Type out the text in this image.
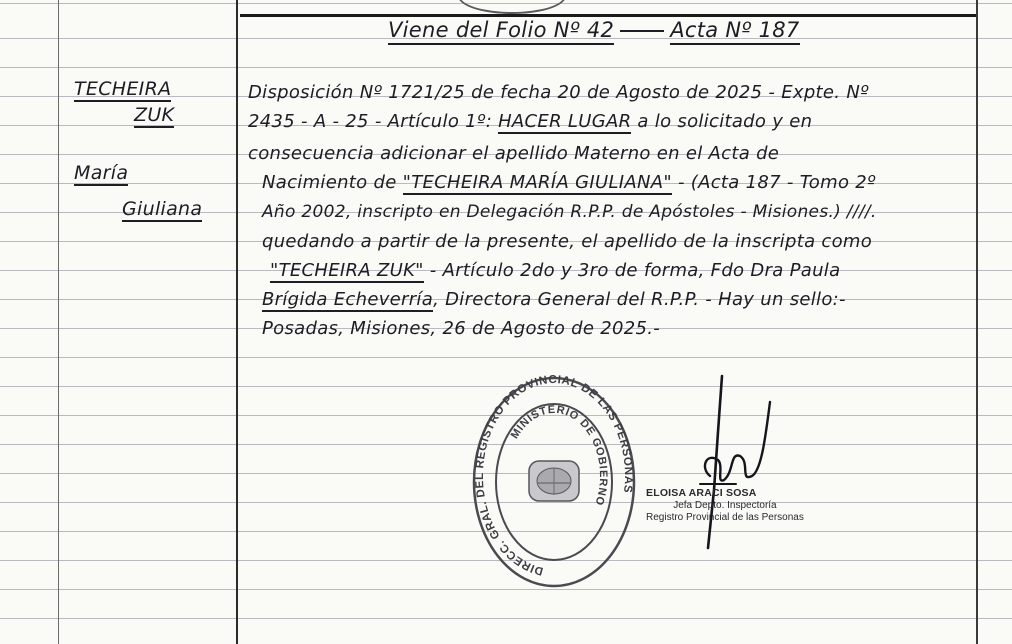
Viene del Folio Nº 42	Acta Nº 187
TECHEIRA
ZUK
María
Giuliana
Disposición Nº 1721/25 de fecha 20 de Agosto de 2025 - Expte. Nº
2435 - A - 25 - Artículo 1º: HACER LUGAR a lo solicitado y en
consecuencia adicionar el apellido Materno en el Acta de
Nacimiento de "TECHEIRA MARÍA GIULIANA" - (Acta 187 - Tomo 2º
Año 2002, inscripto en Delegación R.P.P. de Apóstoles - Misiones.) ////.
quedando a partir de la presente, el apellido de la inscripta como
"TECHEIRA ZUK" - Artículo 2do y 3ro de forma, Fdo Dra Paula
Brígida Echeverría, Directora General del R.P.P. - Hay un sello:-
Posadas, Misiones, 26 de Agosto de 2025.-
DIRECC. GRAL. DEL REGISTRO PROVINCIAL DE LAS PERSONAS
MINISTERIO DE GOBIERNO
ELOISA ARACI SOSA
Jefa Depto. Inspectoría
Registro Provincial de las Personas
